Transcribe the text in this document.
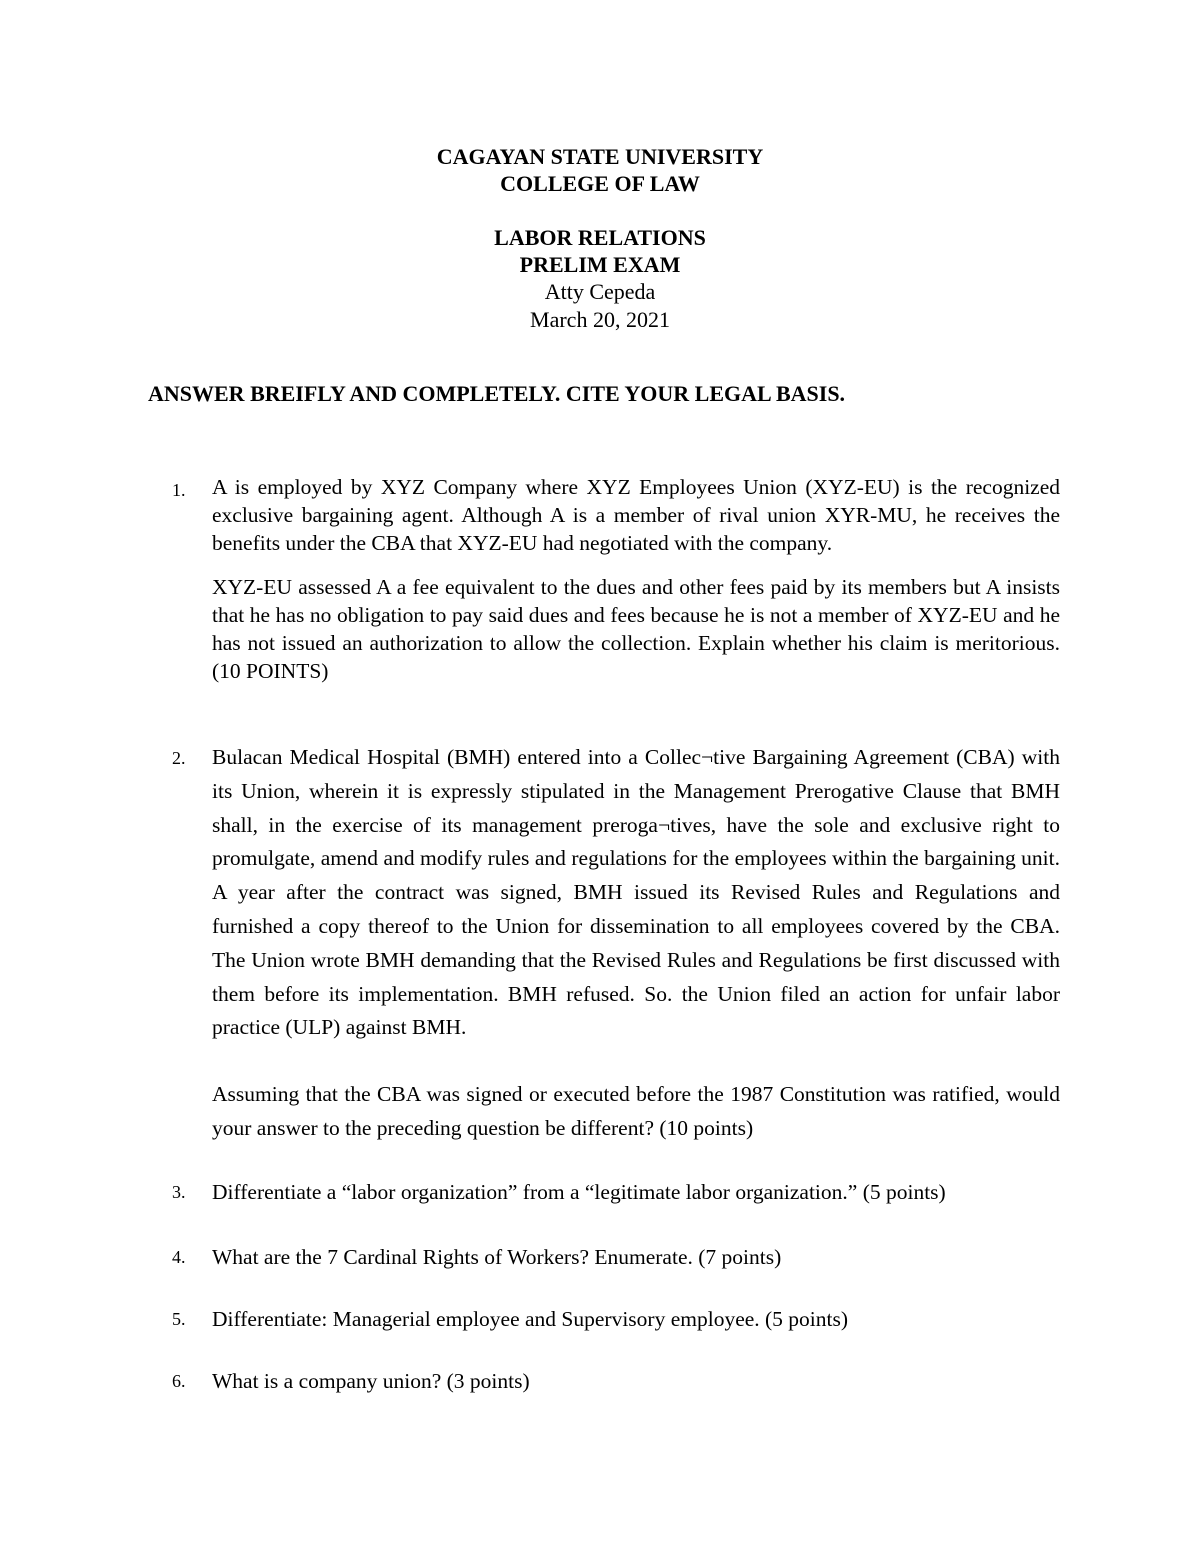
CAGAYAN STATE UNIVERSITY
COLLEGE OF LAW
LABOR RELATIONS
PRELIM EXAM
Atty Cepeda
March 20, 2021
ANSWER BREIFLY AND COMPLETELY. CITE YOUR LEGAL BASIS.
1. A is employed by XYZ Company where XYZ Employees Union (XYZ-EU) is the recognized exclusive bargaining agent. Although A is a member of rival union XYR-MU, he receives the benefits under the CBA that XYZ-EU had negotiated with the company.
XYZ-EU assessed A a fee equivalent to the dues and other fees paid by its members but A insists that he has no obligation to pay said dues and fees because he is not a member of XYZ-EU and he has not issued an authorization to allow the collection. Explain whether his claim is meritorious. (10 POINTS)
2. Bulacan Medical Hospital (BMH) entered into a Collec¬tive Bargaining Agreement (CBA) with its Union, wherein it is expressly stipulated in the Management Prerogative Clause that BMH shall, in the exercise of its management preroga¬tives, have the sole and exclusive right to promulgate, amend and modify rules and regulations for the employees within the bargaining unit. A year after the contract was signed, BMH issued its Revised Rules and Regulations and furnished a copy thereof to the Union for dissemination to all employees covered by the CBA. The Union wrote BMH demanding that the Revised Rules and Regulations be first discussed with them before its implementation. BMH refused. So. the Union filed an action for unfair labor practice (ULP) against BMH.
Assuming that the CBA was signed or executed before the 1987 Constitution was ratified, would your answer to the preceding question be different? (10 points)
3. Differentiate a “labor organization” from a “legitimate labor organization.” (5 points)
4. What are the 7 Cardinal Rights of Workers? Enumerate. (7 points)
5. Differentiate: Managerial employee and Supervisory employee. (5 points)
6. What is a company union? (3 points)
